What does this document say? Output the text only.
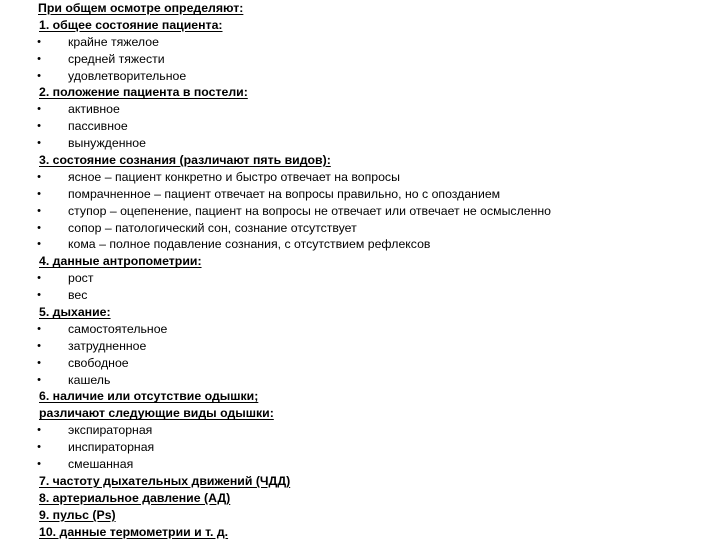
При общем осмотре определяют:
1. общее состояние пациента:
• крайне тяжелое
• средней тяжести
• удовлетворительное
2. положение пациента в постели:
• активное
• пассивное
• вынужденное
3. состояние сознания (различают пять видов):
• ясное – пациент конкретно и быстро отвечает на вопросы
• помрачненное – пациент отвечает на вопросы правильно, но с опозданием
• ступор – оцепенение, пациент на вопросы не отвечает или отвечает не осмысленно
• сопор – патологический сон, сознание отсутствует
• кома – полное подавление сознания, с отсутствием рефлексов
4. данные антропометрии:
• рост
• вес
5. дыхание:
• самостоятельное
• затрудненное
• свободное
• кашель
6. наличие или отсутствие одышки;
различают следующие виды одышки:
• экспираторная
• инспираторная
• смешанная
7. частоту дыхательных движений (ЧДД)
8. артериальное давление (АД)
9. пульс (Ps)
10. данные термометрии и т. д.
